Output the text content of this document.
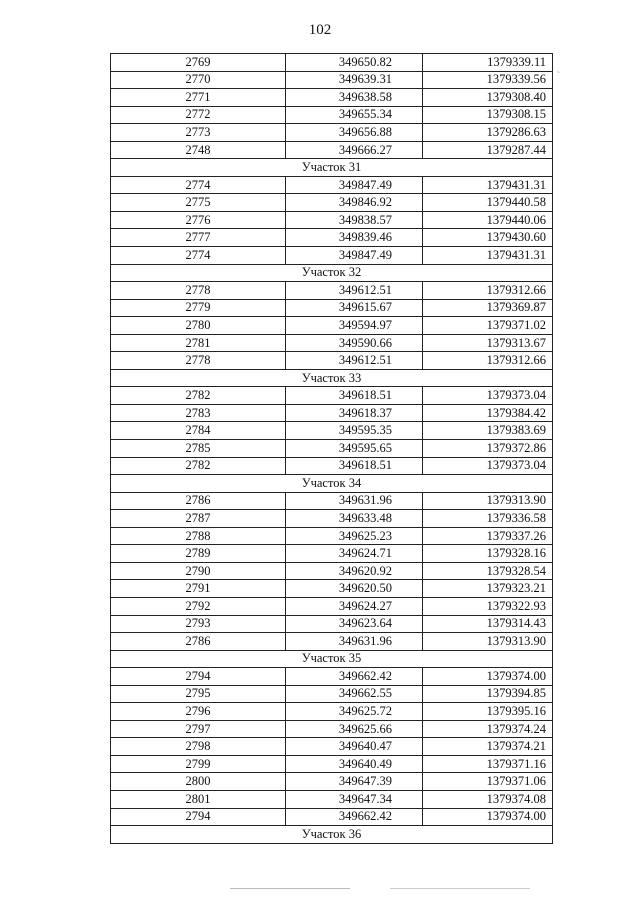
102
2769	349650.82	1379339.11
2770	349639.31	1379339.56
2771	349638.58	1379308.40
2772	349655.34	1379308.15
2773	349656.88	1379286.63
2748	349666.27	1379287.44
Участок 31		
2774	349847.49	1379431.31
2775	349846.92	1379440.58
2776	349838.57	1379440.06
2777	349839.46	1379430.60
2774	349847.49	1379431.31
Участок 32		
2778	349612.51	1379312.66
2779	349615.67	1379369.87
2780	349594.97	1379371.02
2781	349590.66	1379313.67
2778	349612.51	1379312.66
Участок 33		
2782	349618.51	1379373.04
2783	349618.37	1379384.42
2784	349595.35	1379383.69
2785	349595.65	1379372.86
2782	349618.51	1379373.04
Участок 34		
2786	349631.96	1379313.90
2787	349633.48	1379336.58
2788	349625.23	1379337.26
2789	349624.71	1379328.16
2790	349620.92	1379328.54
2791	349620.50	1379323.21
2792	349624.27	1379322.93
2793	349623.64	1379314.43
2786	349631.96	1379313.90
Участок 35		
2794	349662.42	1379374.00
2795	349662.55	1379394.85
2796	349625.72	1379395.16
2797	349625.66	1379374.24
2798	349640.47	1379374.21
2799	349640.49	1379371.16
2800	349647.39	1379371.06
2801	349647.34	1379374.08
2794	349662.42	1379374.00
Участок 36		
`
